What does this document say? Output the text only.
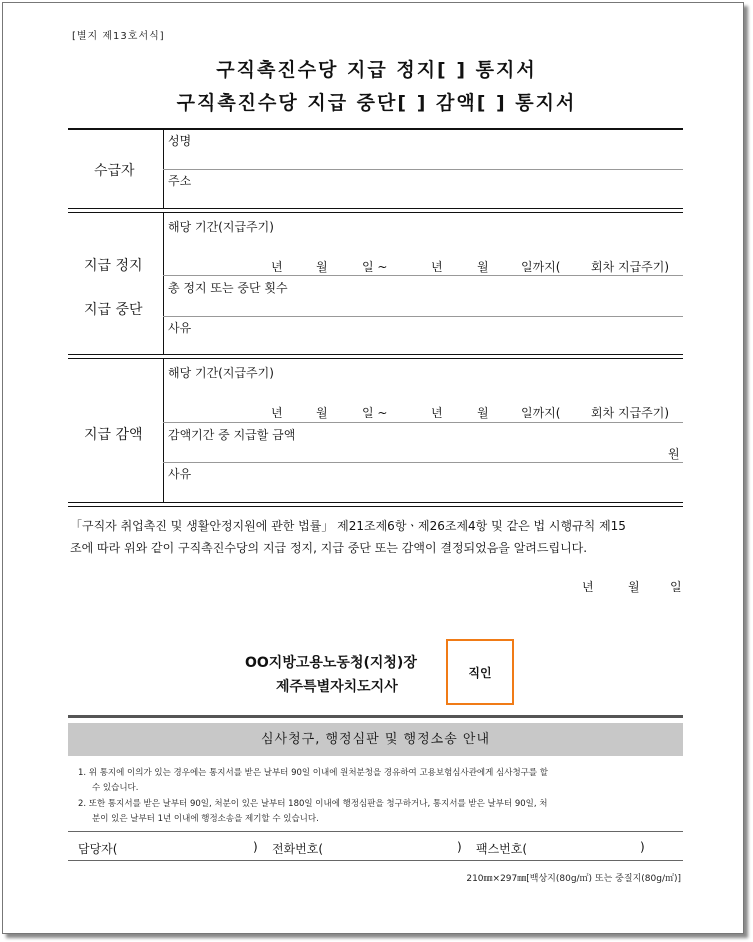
[별지 제13호서식]
구직촉진수당 지급 정지[ ] 통지서
구직촉진수당 지급 중단[ ] 감액[ ] 통지서
수급자
성명
주소
지급 정지
지급 중단
해당 기간(지급주기)
년	월	일 ~	년	월	일까지(	회차 지급주기)
총 정지 또는 중단 횟수
사유
지급 감액
해당 기간(지급주기)
년	월	일 ~	년	월	일까지(	회차 지급주기)
감액기간 중 지급할 금액
원
사유
「구직자 취업촉진 및 생활안정지원에 관한 법률」 제21조제6항ㆍ제26조제4항 및 같은 법 시행규칙 제15
조에 따라 위와 같이 구직촉진수당의 지급 정지, 지급 중단 또는 감액이 결정되었음을 알려드립니다.
년	월	일
OO지방고용노동청(지청)장
제주특별자치도지사
직인
심사청구, 행정심판 및 행정소송 안내
1. 위 통지에 이의가 있는 경우에는 통지서를 받은 날부터 90일 이내에 원처분청을 경유하여 고용보험심사관에게 심사청구를 할
수 있습니다.
2. 또한 통지서를 받은 날부터 90일, 처분이 있은 날부터 180일 이내에 행정심판을 청구하거나, 통지서를 받은 날부터 90일, 처
분이 있은 날부터 1년 이내에 행정소송을 제기할 수 있습니다.
담당자(	) 전화번호(	) 팩스번호(	)
210㎜×297㎜[백상지(80g/㎡) 또는 중질지(80g/㎡)]
